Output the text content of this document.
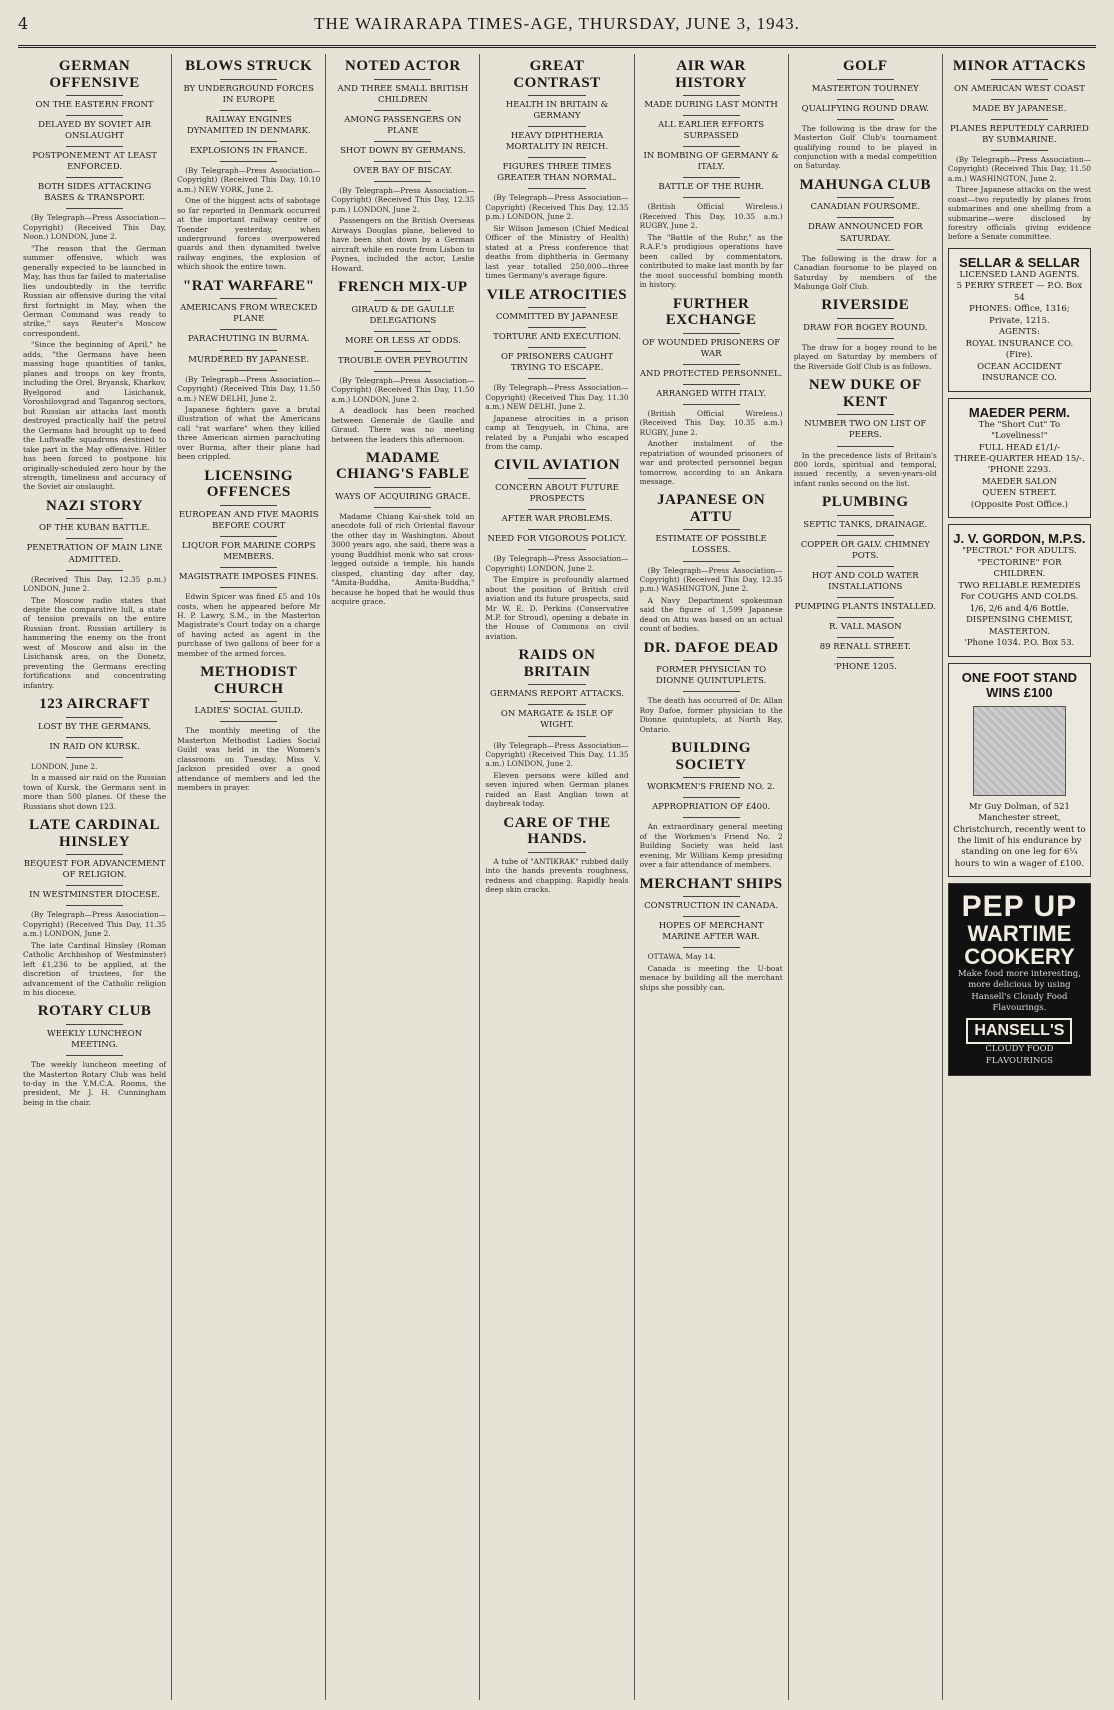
4	THE WAIRARAPA TIMES-AGE, THURSDAY, JUNE 3, 1943.
GERMAN OFFENSIVE
ON THE EASTERN FRONT
DELAYED BY SOVIET AIR ONSLAUGHT
POSTPONEMENT AT LEAST ENFORCED.
BOTH SIDES ATTACKING BASES & TRANSPORT.

(By Telegraph—Press Association—Copyright) (Received This Day, Noon.) LONDON, June 2.

"The reason that the German summer offensive, which was generally expected to be launched in May, has thus far failed to materialise lies undoubtedly in the terrific Russian air offensive during the vital first fortnight in May, when the German Command was ready to strike," says Reuter's Moscow correspondent.

"Since the beginning of April," he adds, "the Germans have been massing huge quantities of tanks, planes and troops on key fronts, including the Orel, Bryansk, Kharkov, Byelgorod and Lisichansk, Voroshilovgrad and Taganrog sectors, but Russian air attacks last month destroyed practically half the petrol the Germans had brought up to feed the Luftwaffe squadrons destined to take part in the May offensive. Hitler has been forced to postpone his originally-scheduled zero hour by the strength, timeliness and accuracy of the Soviet air onslaught.

NAZI STORY
OF THE KUBAN BATTLE.
PENETRATION OF MAIN LINE ADMITTED.

(Received This Day, 12.35 p.m.) LONDON, June 2.

The Moscow radio states that despite the comparative lull, a state of tension prevails on the entire Russian front. Russian artillery is hammering the enemy on the front west of Moscow and also in the Lisichansk area, on the Donetz, preventing the Germans erecting fortifications and concentrating infantry.

123 AIRCRAFT
LOST BY THE GERMANS.
IN RAID ON KURSK.

LONDON, June 2.

In a massed air raid on the Russian town of Kursk, the Germans sent in more than 500 planes. Of these the Russians shot down 123.

LATE CARDINAL HINSLEY
BEQUEST FOR ADVANCEMENT OF RELIGION.
IN WESTMINSTER DIOCESE.

(By Telegraph—Press Association—Copyright) (Received This Day, 11.35 a.m.) LONDON, June 2.

The late Cardinal Hinsley (Roman Catholic Archbishop of Westminster) left £1,236 to be applied, at the discretion of trustees, for the advancement of the Catholic religion in his diocese.

ROTARY CLUB
WEEKLY LUNCHEON MEETING.

The weekly luncheon meeting of the Masterton Rotary Club was held to-day in the Y.M.C.A. Rooms, the president, Mr J. H. Cunningham being in the chair.

BLOWS STRUCK
BY UNDERGROUND FORCES IN EUROPE
RAILWAY ENGINES DYNAMITED IN DENMARK.
EXPLOSIONS IN FRANCE.

(By Telegraph—Press Association—Copyright) (Received This Day, 10.10 a.m.) NEW YORK, June 2.

One of the biggest acts of sabotage so far reported in Denmark occurred at the important railway centre of Toender yesterday, when underground forces overpowered guards and then dynamited twelve railway engines, the explosion of which shook the entire town.

"RAT WARFARE"
AMERICANS FROM WRECKED PLANE
PARACHUTING IN BURMA.
MURDERED BY JAPANESE.

(By Telegraph—Press Association—Copyright) (Received This Day, 11.50 a.m.) NEW DELHI, June 2.

Japanese fighters gave a brutal illustration of what the Americans call "rat warfare" when they killed three American airmen parachuting over Burma, after their plane had been crippled.

LICENSING OFFENCES
EUROPEAN AND FIVE MAORIS BEFORE COURT
LIQUOR FOR MARINE CORPS MEMBERS.
MAGISTRATE IMPOSES FINES.

Edwin Spicer was fined £5 and 10s costs, when he appeared before Mr H. P. Lawry, S.M., in the Masterton Magistrate's Court today on a charge of having acted as agent in the purchase of two gallons of beer for a member of the armed forces.

METHODIST CHURCH
LADIES' SOCIAL GUILD.

The monthly meeting of the Masterton Methodist Ladies Social Guild was held in the Women's classroom on Tuesday, Miss V. Jackson presided over a good attendance of members and led the members in prayer.

NOTED ACTOR
AND THREE SMALL BRITISH CHILDREN
AMONG PASSENGERS ON PLANE
SHOT DOWN BY GERMANS.
OVER BAY OF BISCAY.

(By Telegraph—Press Association—Copyright) (Received This Day, 12.35 p.m.) LONDON, June 2.

Passengers on the British Overseas Airways Douglas plane, believed to have been shot down by a German aircraft while en route from Lisbon to Poynes, included the actor, Leslie Howard.

FRENCH MIX-UP
GIRAUD & DE GAULLE DELEGATIONS
MORE OR LESS AT ODDS.
TROUBLE OVER PEYROUTIN

(By Telegraph—Press Association—Copyright) (Received This Day, 11.50 a.m.) LONDON, June 2.

A deadlock has been reached between Generale de Gaulle and Giraud. There was no meeting between the leaders this afternoon.

MADAME CHIANG'S FABLE
WAYS OF ACQUIRING GRACE.

Madame Chiang Kai-shek told an anecdote full of rich Oriental flavour the other day in Washington. About 3000 years ago, she said, there was a young Buddhist monk who sat cross-legged outside a temple, his hands clasped, chanting day after day, "Amita-Buddha, Amita-Buddha," because he hoped that he would thus acquire grace.

GREAT CONTRAST
HEALTH IN BRITAIN & GERMANY
HEAVY DIPHTHERIA MORTALITY IN REICH.
FIGURES THREE TIMES GREATER THAN NORMAL.

(By Telegraph—Press Association—Copyright) (Received This Day, 12.35 p.m.) LONDON, June 2.

Sir Wilson Jameson (Chief Medical Officer of the Ministry of Health) stated at a Press conference that deaths from diphtheria in Germany last year totalled 250,000—three times Germany's average figure.

VILE ATROCITIES
COMMITTED BY JAPANESE
TORTURE AND EXECUTION.
OF PRISONERS CAUGHT TRYING TO ESCAPE.

(By Telegraph—Press Association—Copyright) (Received This Day, 11.30 a.m.) NEW DELHI, June 2.

Japanese atrocities in a prison camp at Tengyueh, in China, are related by a Punjabi who escaped from the camp.

CIVIL AVIATION
CONCERN ABOUT FUTURE PROSPECTS
AFTER WAR PROBLEMS.
NEED FOR VIGOROUS POLICY.

(By Telegraph—Press Association—Copyright) LONDON, June 2.

The Empire is profoundly alarmed about the position of British civil aviation and its future prospects, said Mr W. E. D. Perkins (Conservative M.P. for Stroud), opening a debate in the House of Commons on civil aviation.

RAIDS ON BRITAIN
GERMANS REPORT ATTACKS.
ON MARGATE & ISLE OF WIGHT.

(By Telegraph—Press Association—Copyright) (Received This Day, 11.35 a.m.) LONDON, June 2.

Eleven persons were killed and seven injured when German planes raided an East Anglian town at daybreak today.

CARE OF THE HANDS.

A tube of "ANTIKRAK" rubbed daily into the hands prevents roughness, redness and chapping. Rapidly heals deep skin cracks.

AIR WAR HISTORY
MADE DURING LAST MONTH
ALL EARLIER EFFORTS SURPASSED
IN BOMBING OF GERMANY & ITALY.
BATTLE OF THE RUHR.

(British Official Wireless.) (Received This Day, 10.35 a.m.) RUGBY, June 2.

The "Battle of the Ruhr," as the R.A.F.'s prodigious operations have been called by commentators, contributed to make last month by far the most successful bombing month in history.

FURTHER EXCHANGE
OF WOUNDED PRISONERS OF WAR
AND PROTECTED PERSONNEL.
ARRANGED WITH ITALY.

(British Official Wireless.) (Received This Day, 10.35 a.m.) RUGBY, June 2.

Another instalment of the repatriation of wounded prisoners of war and protected personnel began tomorrow, according to an Ankara message.

JAPANESE ON ATTU
ESTIMATE OF POSSIBLE LOSSES.

(By Telegraph—Press Association—Copyright) (Received This Day, 12.35 p.m.) WASHINGTON, June 2.

A Navy Department spokesman said the figure of 1,599 Japanese dead on Attu was based on an actual count of bodies.

DR. DAFOE DEAD
FORMER PHYSICIAN TO DIONNE QUINTUPLETS.

The death has occurred of Dr. Allan Roy Dafoe, former physician to the Dionne quintuplets, at North Bay, Ontario.

BUILDING SOCIETY
WORKMEN'S FRIEND NO. 2.
APPROPRIATION OF £400.

An extraordinary general meeting of the Workmen's Friend No. 2 Building Society was held last evening, Mr William Kemp presiding over a fair attendance of members.

MERCHANT SHIPS
CONSTRUCTION IN CANADA.
HOPES OF MERCHANT MARINE AFTER WAR.

OTTAWA, May 14.

Canada is meeting the U-boat menace by building all the merchant ships she possibly can.

GOLF
MASTERTON TOURNEY
QUALIFYING ROUND DRAW.

The following is the draw for the Masterton Golf Club's tournament qualifying round to be played in conjunction with a medal competition on Saturday.

MAHUNGA CLUB
CANADIAN FOURSOME.
DRAW ANNOUNCED FOR SATURDAY.

The following is the draw for a Canadian foursome to be played on Saturday by members of the Mahunga Golf Club.

RIVERSIDE
DRAW FOR BOGEY ROUND.

The draw for a bogey round to be played on Saturday by members of the Riverside Golf Club is as follows.

NEW DUKE OF KENT
NUMBER TWO ON LIST OF PEERS.

In the precedence lists of Britain's 800 lords, spiritual and temporal, issued recently, a seven-years-old infant ranks second on the list.

PLUMBING
SEPTIC TANKS, DRAINAGE.
COPPER OR GALV. CHIMNEY POTS.
HOT AND COLD WATER INSTALLATIONS
PUMPING PLANTS INSTALLED.
R. VALL MASON
89 RENALL STREET.
'PHONE 1205.
MINOR ATTACKS
ON AMERICAN WEST COAST
MADE BY JAPANESE.
PLANES REPUTEDLY CARRIED BY SUBMARINE.

(By Telegraph—Press Association—Copyright) (Received This Day, 11.50 a.m.) WASHINGTON, June 2.

Three Japanese attacks on the west coast—two reputedly by planes from submarines and one shelling from a submarine—were disclosed by forestry officials giving evidence before a Senate committee.

SELLAR & SELLAR
LICENSED LAND AGENTS.
5 PERRY STREET — P.O. Box 54
PHONES: Office, 1316; Private, 1215.
AGENTS:
ROYAL INSURANCE CO. (Fire).
OCEAN ACCIDENT INSURANCE CO.
MAEDER PERM.
The "Short Cut" To "Loveliness!"
FULL HEAD £1/1/-
THREE-QUARTER HEAD 15/-.
'PHONE 2293.
MAEDER SALON
QUEEN STREET.
(Opposite Post Office.)
J. V. GORDON, M.P.S.
"PECTROL" FOR ADULTS.
"PECTORINE" FOR CHILDREN.
TWO RELIABLE REMEDIES
For COUGHS AND COLDS.
1/6, 2/6 and 4/6 Bottle.
DISPENSING CHEMIST, MASTERTON.
'Phone 1034. P.O. Box 53.
ONE FOOT STAND WINS £100
Mr Guy Dolman, of 521 Manchester street, Christchurch, recently went to the limit of his endurance by standing on one leg for 6¼ hours to win a wager of £100.
PEP UP
WARTIME COOKERY
Make food more interesting, more delicious by using Hansell's Cloudy Food Flavourings.
HANSELL'S
CLOUDY FOOD FLAVOURINGS
